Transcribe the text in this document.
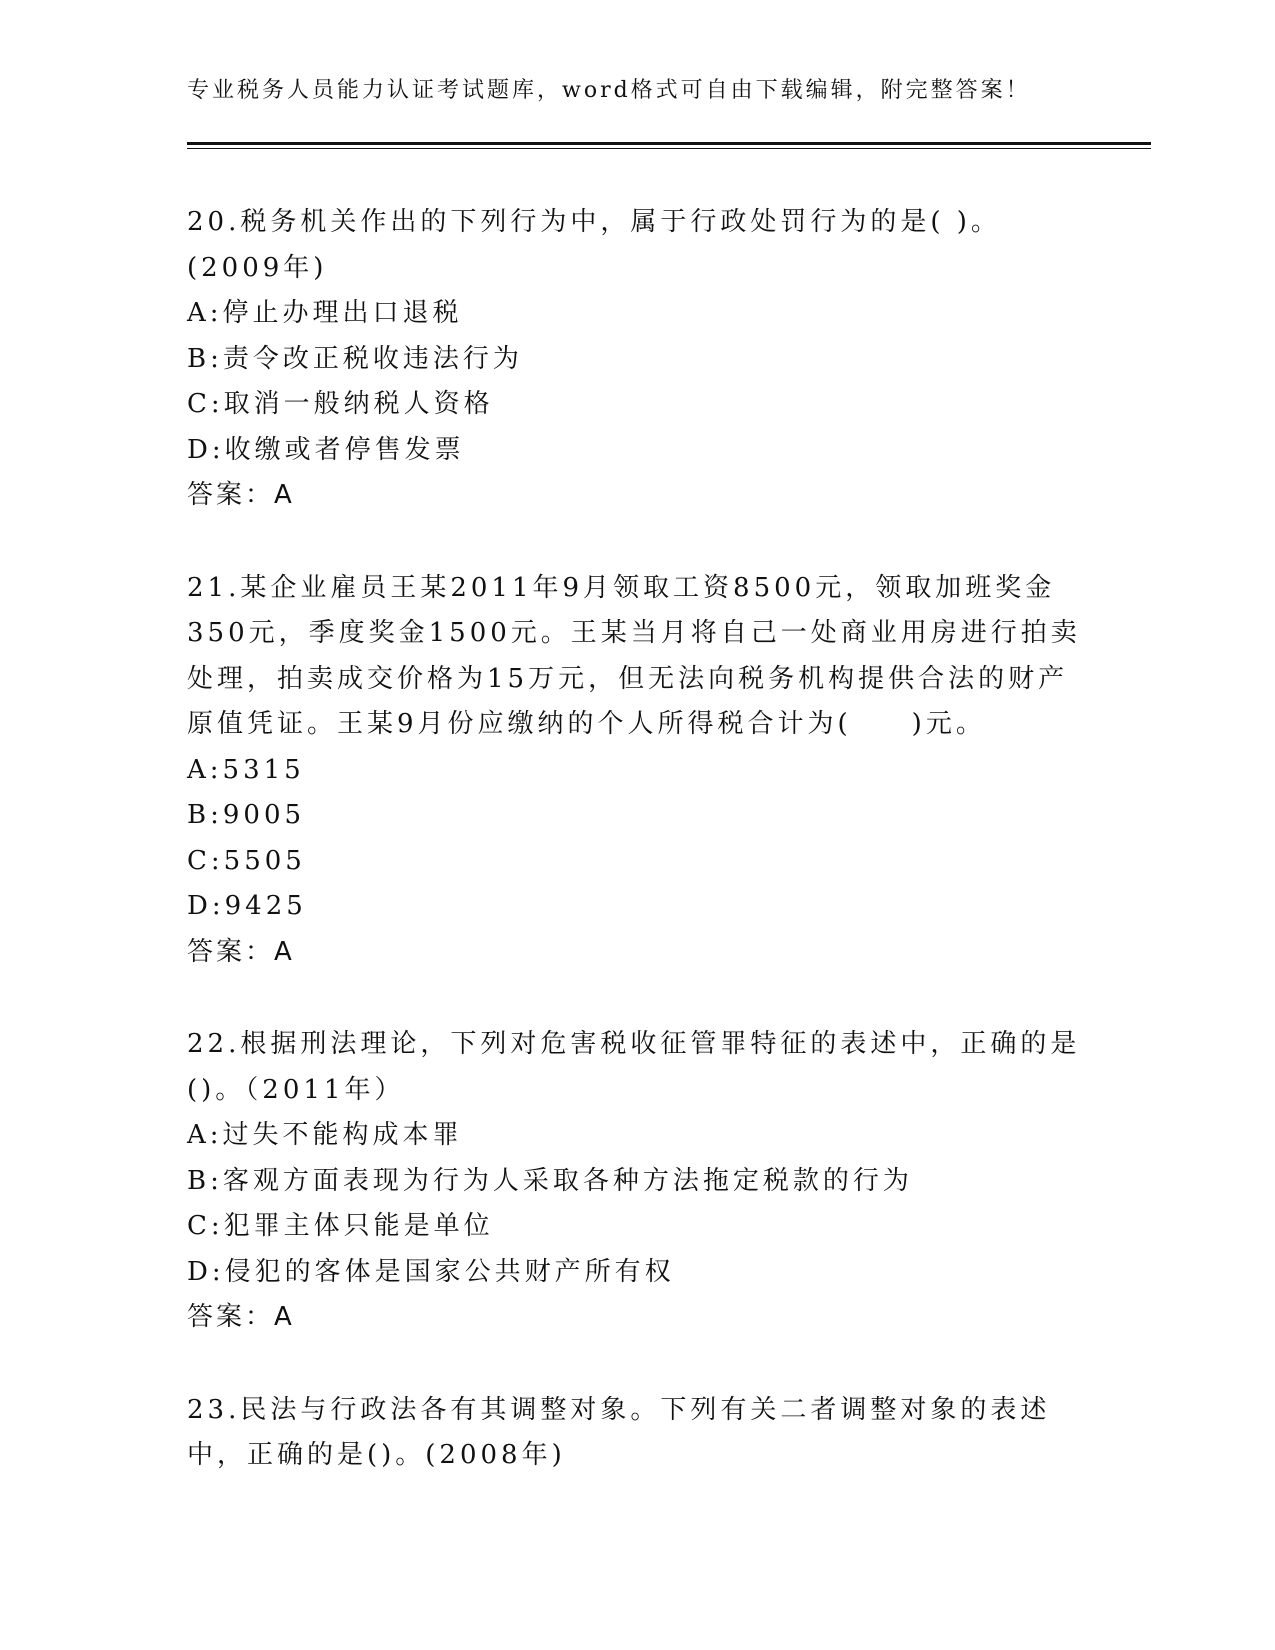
专业税务人员能力认证考试题库，word格式可自由下载编辑，附完整答案！

20.税务机关作出的下列行为中，属于行政处罚行为的是( )。(2009年)

A:停止办理出口退税

B:责令改正税收违法行为

C:取消一般纳税人资格

D:收缴或者停售发票

答案：A

21.某企业雇员王某2011年9月领取工资8500元，领取加班奖金350元，季度奖金1500元。王某当月将自己一处商业用房进行拍卖处理，拍卖成交价格为15万元，但无法向税务机构提供合法的财产原值凭证。王某9月份应缴纳的个人所得税合计为(　　)元。

A:5315

B:9005

C:5505

D:9425

答案：A

22.根据刑法理论，下列对危害税收征管罪特征的表述中，正确的是()。（2011年）

A:过失不能构成本罪

B:客观方面表现为行为人采取各种方法拖定税款的行为

C:犯罪主体只能是单位

D:侵犯的客体是国家公共财产所有权

答案：A

23.民法与行政法各有其调整对象。下列有关二者调整对象的表述中，正确的是()。(2008年)
